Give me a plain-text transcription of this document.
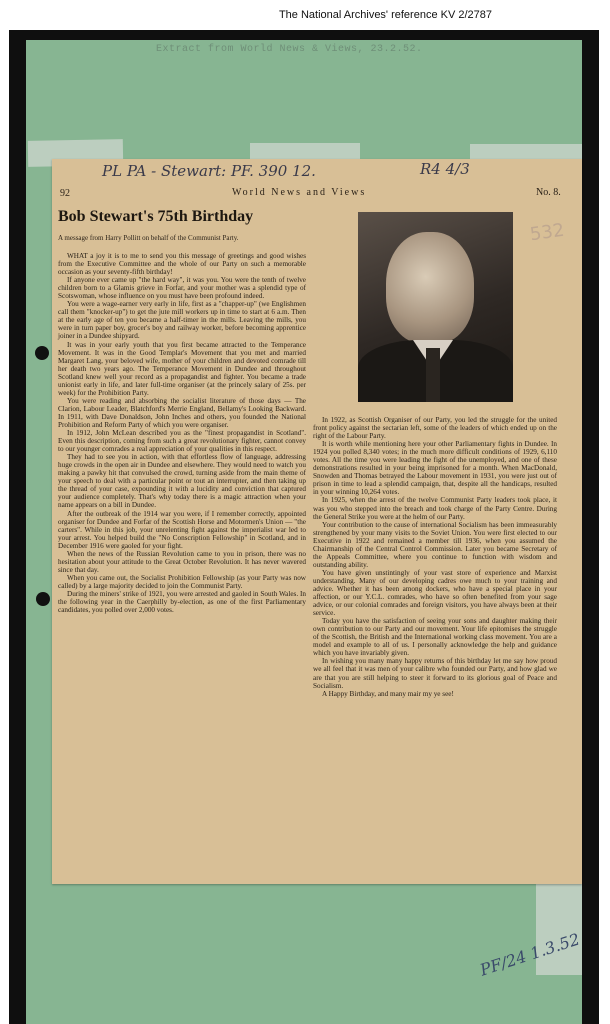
The National Archives' reference KV 2/2787
Extract from World News & Views, 23.2.52.
PL PA - Stewart: PF. 390 12.	R4 4/3
532
92	World News and Views	No. 8.
Bob Stewart's 75th Birthday
A message from Harry Pollitt on behalf of the Communist Party.

WHAT a joy it is to me to send you this message of greetings and good wishes from the Executive Committee and the whole of our Party on such a memorable occasion as your seventy-fifth birthday!

If anyone ever came up "the hard way", it was you. You were the tenth of twelve children born to a Glamis grieve in Forfar, and your mother was a splendid type of Scotswoman, whose influence on you must have been profound indeed.

You were a wage-earner very early in life, first as a "chapper-up" (we Englishmen call them "knocker-up") to get the jute mill workers up in time to start at 6 a.m. Then at the early age of ten you became a half-timer in the mills. Leaving the mills, you were in turn paper boy, grocer's boy and railway worker, before becoming apprentice joiner in a Dundee shipyard.

It was in your early youth that you first became attracted to the Temperance Movement. It was in the Good Templar's Movement that you met and married Margaret Lang, your beloved wife, mother of your children and devoted comrade till her death two years ago. The Temperance Movement in Dundee and throughout Scotland knew well your record as a propagandist and fighter. You became a trade unionist early in life, and later full-time organiser (at the princely salary of 25s. per week) for the Prohibition Party.

You were reading and absorbing the socialist literature of those days — The Clarion, Labour Leader, Blatchford's Merrie England, Bellamy's Looking Backward. In 1911, with Dave Donaldson, John Inches and others, you founded the National Prohibition and Reform Party of which you were organiser.

In 1912, John McLean described you as the "finest propagandist in Scotland". Even this description, coming from such a great revolutionary fighter, cannot convey to our younger comrades a real appreciation of your qualities in this respect.

They had to see you in action, with that effortless flow of language, addressing huge crowds in the open air in Dundee and elsewhere. They would need to watch you making a pawky hit that convulsed the crowd, turning aside from the main theme of your speech to deal with a particular point or tout an interrupter, and then taking up the thread of your case, expounding it with a lucidity and conviction that captured your audience completely. That's why today there is a magic attraction when your name appears on a bill in Dundee.

After the outbreak of the 1914 war you were, if I remember correctly, appointed organiser for Dundee and Forfar of the Scottish Horse and Motormen's Union — "the carters". While in this job, your unrelenting fight against the imperialist war led to your arrest. You helped build the "No Conscription Fellowship" in Scotland, and in December 1916 were gaoled for your fight.

When the news of the Russian Revolution came to you in prison, there was no hesitation about your attitude to the Great October Revolution. It has never wavered since that day.

When you came out, the Socialist Prohibition Fellowship (as your Party was now called) by a large majority decided to join the Communist Party.

During the miners' strike of 1921, you were arrested and gaoled in South Wales. In the following year in the Caerphilly by-election, as one of the first Parliamentary candidates, you polled over 2,000 votes.

In 1922, as Scottish Organiser of our Party, you led the struggle for the united front policy against the sectarian left, some of the leaders of which ended up on the right of the Labour Party.

It is worth while mentioning here your other Parliamentary fights in Dundee. In 1924 you polled 8,340 votes; in the much more difficult conditions of 1929, 6,110 votes. All the time you were leading the fight of the unemployed, and one of these demonstrations resulted in your being imprisoned for a month. When MacDonald, Snowden and Thomas betrayed the Labour movement in 1931, you were just out of prison in time to lead a splendid campaign, that, despite all the handicaps, resulted in your winning 10,264 votes.

In 1925, when the arrest of the twelve Communist Party leaders took place, it was you who stepped into the breach and took charge of the Party Centre. During the General Strike you were at the helm of our Party.

Your contribution to the cause of international Socialism has been immeasurably strengthened by your many visits to the Soviet Union. You were first elected to our Executive in 1922 and remained a member till 1936, when you assumed the Chairmanship of the Central Control Commission. Later you became Secretary of the Appeals Committee, where you continue to function with wisdom and outstanding ability.

You have given unstintingly of your vast store of experience and Marxist understanding. Many of our developing cadres owe much to your training and advice. Whether it has been among dockers, who have a special place in your affection, or our Y.C.L. comrades, who have so often benefited from your sage advice, or our colonial comrades and foreign visitors, you have always been at their service.

Today you have the satisfaction of seeing your sons and daughter making their own contribution to our Party and our movement. Your life epitomises the struggle of the Scottish, the British and the International working class movement. You are a model and example to all of us. I personally acknowledge the help and guidance which you have invariably given.

In wishing you many many happy returns of this birthday let me say how proud we all feel that it was men of your calibre who founded our Party, and how glad we are that you are still helping to steer it forward to its glorious goal of Peace and Socialism.

A Happy Birthday, and many mair my ye see!

PF/24 1.3.52
